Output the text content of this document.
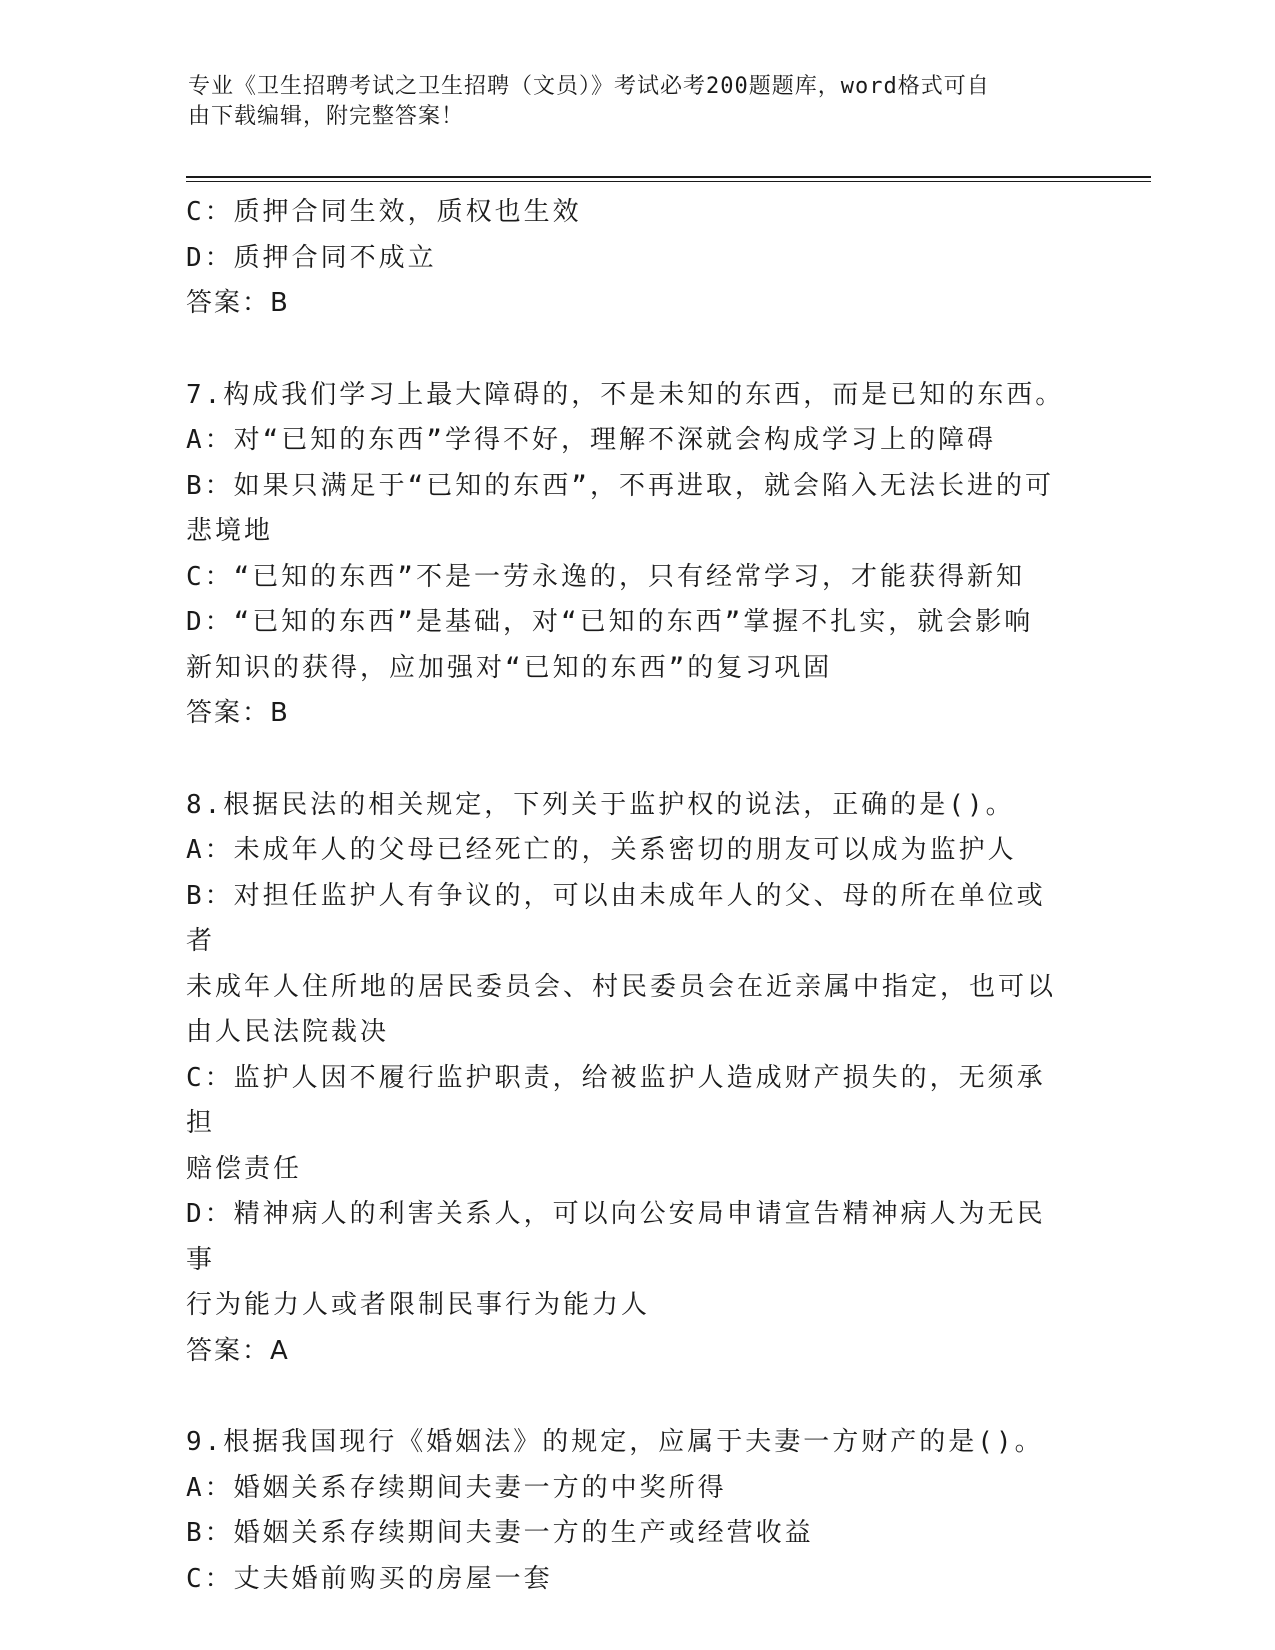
专业《卫生招聘考试之卫生招聘（文员）》考试必考200题题库，word格式可自
由下载编辑，附完整答案！

C：质押合同生效，质权也生效

D：质押合同不成立

答案：B

7.构成我们学习上最大障碍的，不是未知的东西，而是已知的东西。

A：对“已知的东西”学得不好，理解不深就会构成学习上的障碍

B：如果只满足于“已知的东西”，不再进取，就会陷入无法长进的可

悲境地

C：“已知的东西”不是一劳永逸的，只有经常学习，才能获得新知

D：“已知的东西”是基础，对“已知的东西”掌握不扎实，就会影响

新知识的获得，应加强对“已知的东西”的复习巩固

答案：B

8.根据民法的相关规定，下列关于监护权的说法，正确的是()。

A：未成年人的父母已经死亡的，关系密切的朋友可以成为监护人

B：对担任监护人有争议的，可以由未成年人的父、母的所在单位或者

未成年人住所地的居民委员会、村民委员会在近亲属中指定，也可以

由人民法院裁决

C：监护人因不履行监护职责，给被监护人造成财产损失的，无须承担

赔偿责任

D：精神病人的利害关系人，可以向公安局申请宣告精神病人为无民事

行为能力人或者限制民事行为能力人

答案：A

9.根据我国现行《婚姻法》的规定，应属于夫妻一方财产的是()。

A：婚姻关系存续期间夫妻一方的中奖所得

B：婚姻关系存续期间夫妻一方的生产或经营收益

C：丈夫婚前购买的房屋一套
